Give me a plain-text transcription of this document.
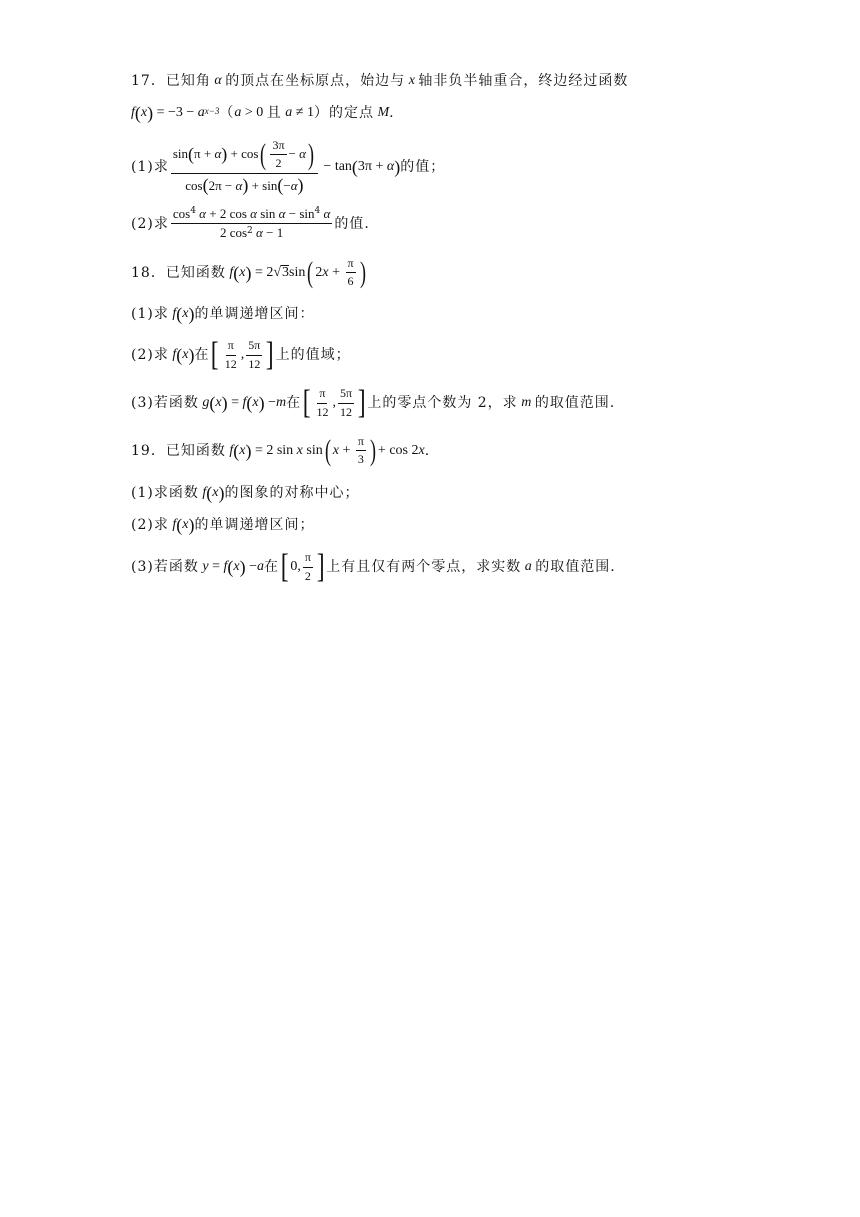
17． 已知角 α 的顶点在坐标原点，始边与 x 轴非负半轴重合，终边经过函数
f ( x ) = $-3 - a^{x-3}$ （ a > 0 且 a ≠ 1 ）的定点 M .
(1)求
sin ( π + α ) + cos ( $\frac{3\pi}{2} - \alpha$ )
cos ( 2π − α ) + sin ( − α )
− tan ( 3π + α ) 的值；
(2)求 $\frac{\cos^4 \alpha + 2 \cos \alpha \sin \alpha - \sin^4 \alpha}{2 \cos^2 \alpha - 1}$ 的值.
18． 已知函数 f ( x ) = 2 √ 3 sin ( 2 $x + \frac{\pi}{6}$ )
(1)求 f ( x ) 的单调递增区间：
(2)求 f ( x ) 在 [ $\frac{\pi}{12}$ , $\frac{5\pi}{12}$ ] 上的值域；
(3)若函数 g ( x ) = f ( x ) − m 在 [ $\frac{\pi}{12}$ , $\frac{5\pi}{12}$ ] 上的零点个数为 2，求 m 的取值范围.
19． 已知函数 f ( x ) = 2 sin x sin ( $x + \frac{\pi}{3}$ ) + cos 2 x .
(1)求函数 f ( x ) 的图象的对称中心；
(2)求 f ( x ) 的单调递增区间；
(3)若函数 y = f ( x ) − a 在 [ 0, $\frac{\pi}{2}$ ] 上有且仅有两个零点，求实数 a 的取值范围.
